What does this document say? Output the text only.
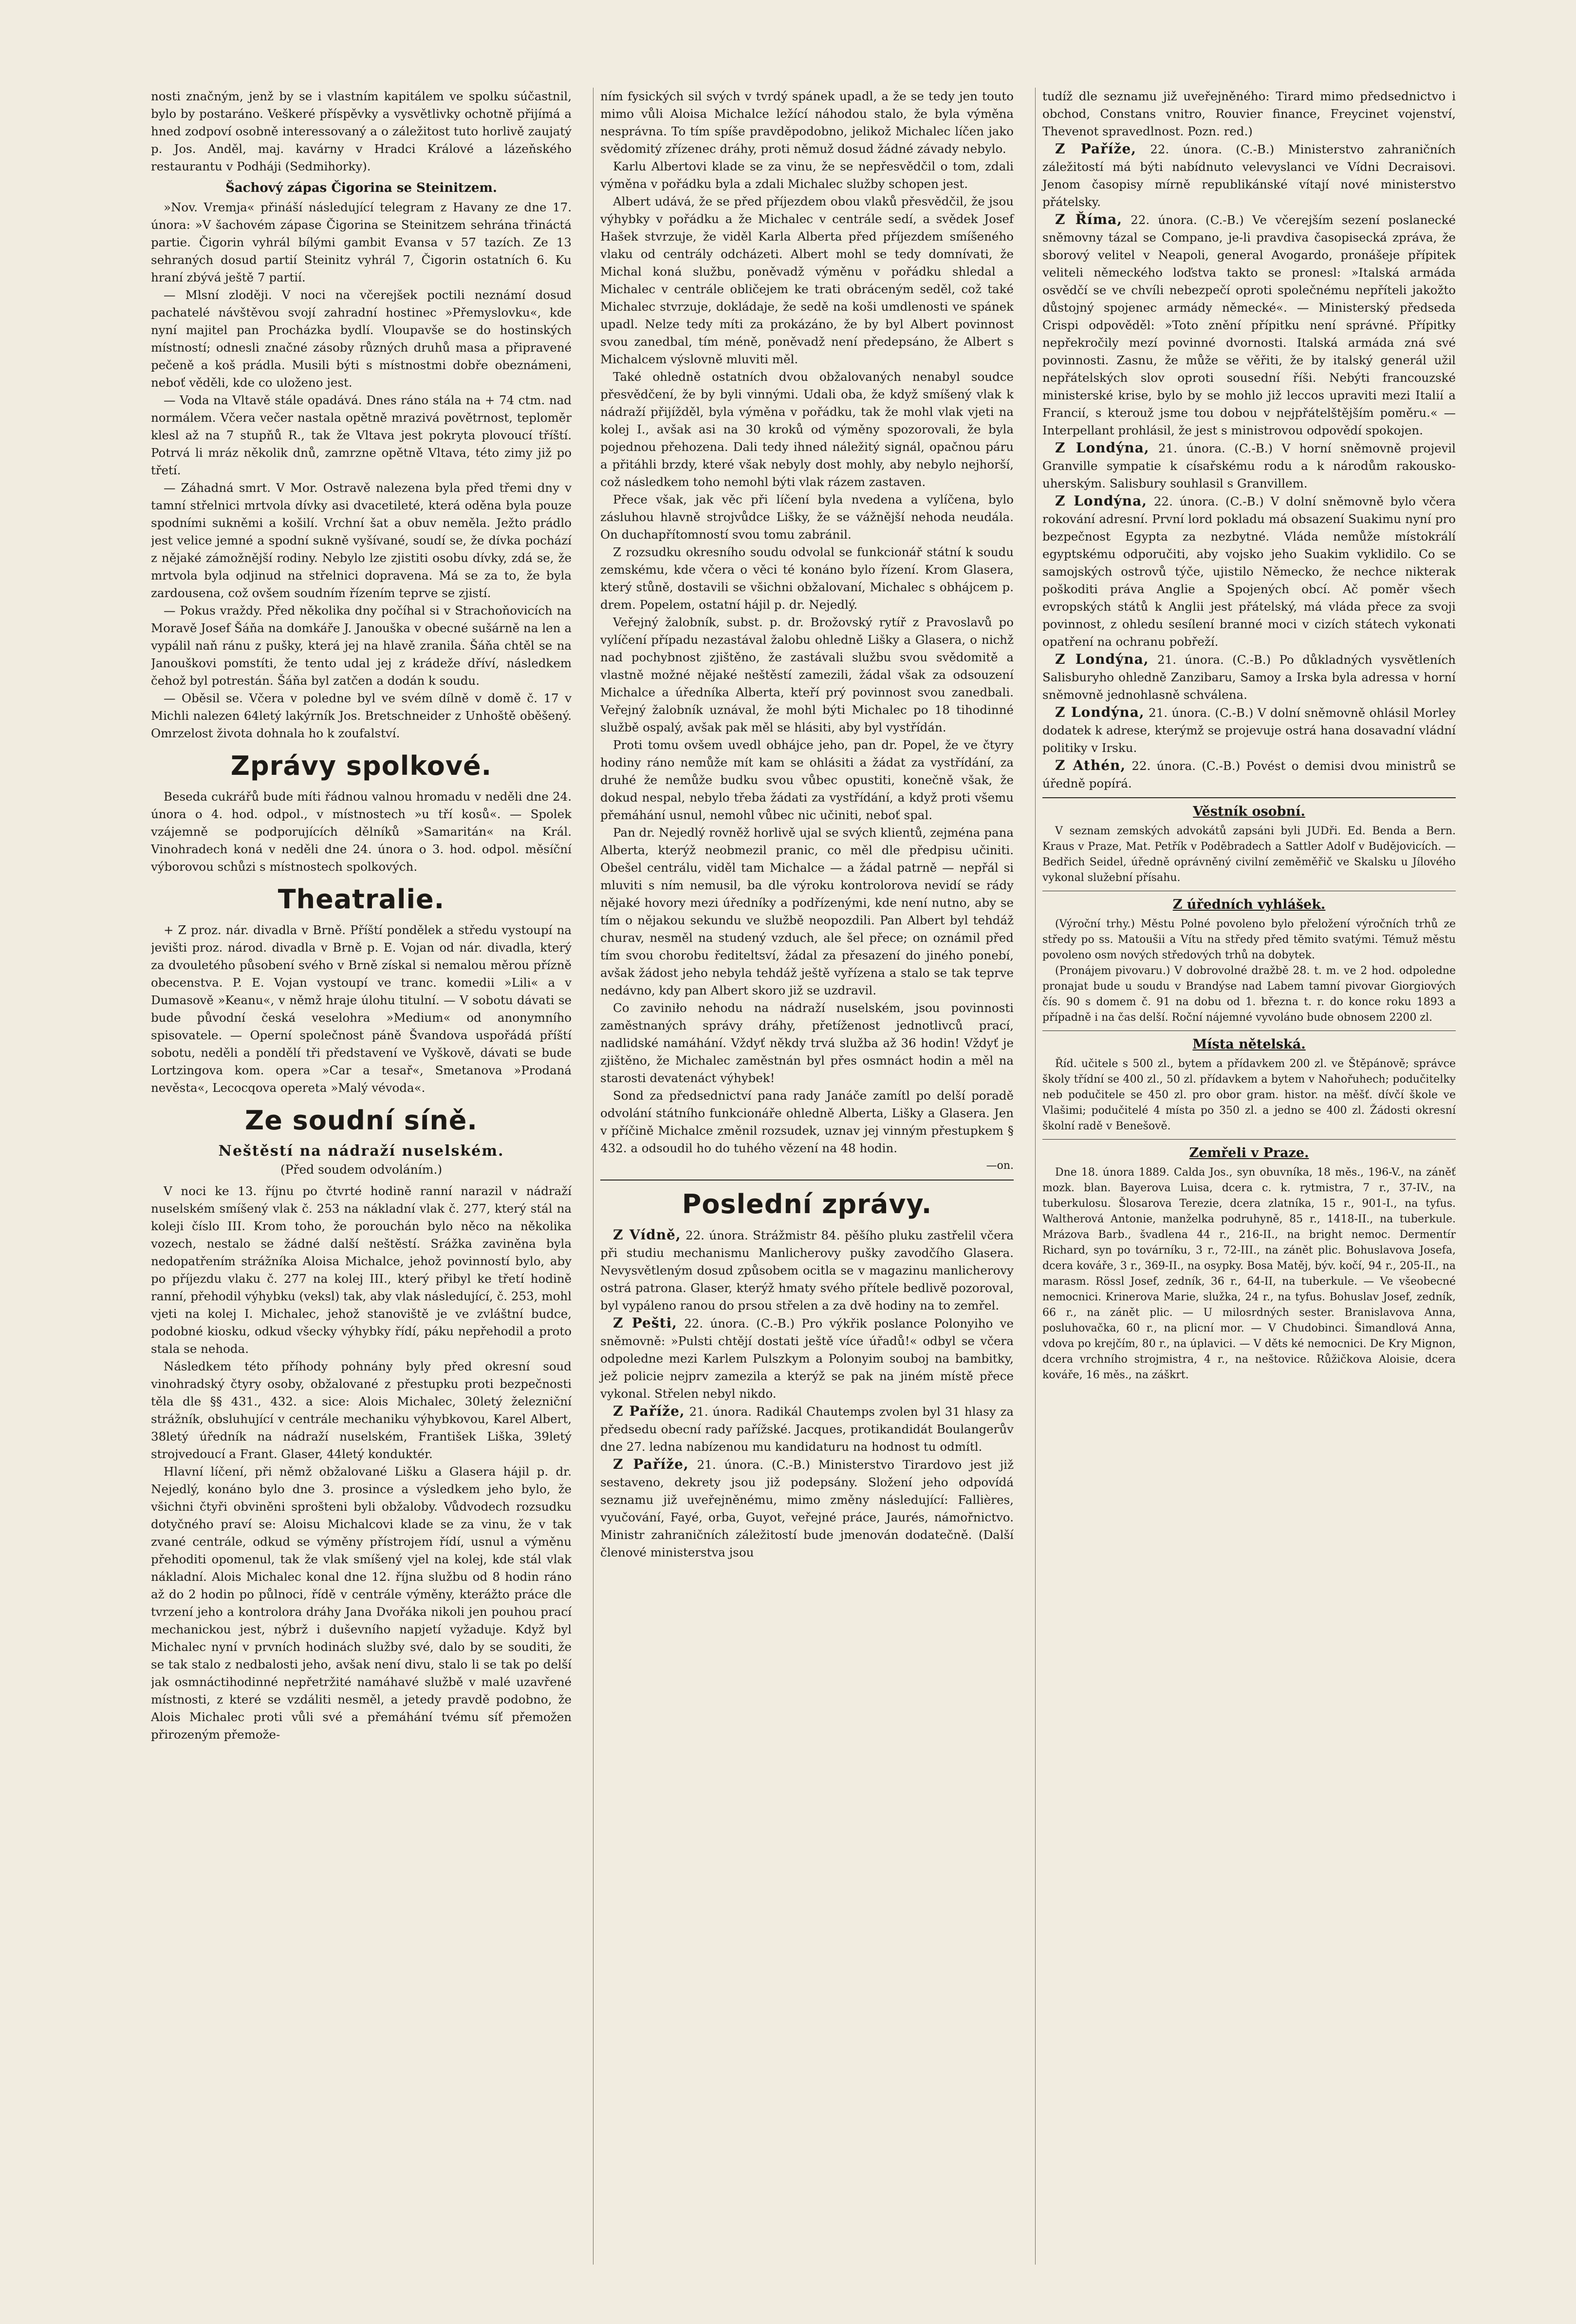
nosti značným, jenž by se i vlastním kapitálem ve spolku súčastnil, bylo by postaráno. Veškeré příspěvky a vysvětlivky ochotně přijímá a hned zodpoví osobně interessovaný a o záležitost tuto horlivě zaujatý p. Jos. Anděl, maj. kavárny v Hradci Králové a lázeňského restaurantu v Podháji (Sedmihorky).

Šachový zápas Čigorina se Steinitzem.

»Nov. Vremja« přináší následující telegram z Havany ze dne 17. února: »V šachovém zápase Čigorina se Steinitzem sehrána třináctá partie. Čigorin vyhrál bílými gambit Evansa v 57 tazích. Ze 13 sehraných dosud partií Steinitz vyhrál 7, Čigorin ostatních 6. Ku hraní zbývá ještě 7 partií.

— Mlsní zloději. V noci na včerejšek poctili neznámí dosud pachatelé návštěvou svojí zahradní hostinec »Přemyslovku«, kde nyní majitel pan Procházka bydlí. Vloupavše se do hostinských místností; odnesli značné zásoby různých druhů masa a připravené pečeně a koš prádla. Musili býti s místnostmi dobře obeznámeni, neboť věděli, kde co uloženo jest.

— Voda na Vltavě stále opadává. Dnes ráno stála na + 74 ctm. nad normálem. Včera večer nastala opětně mrazivá povětrnost, teploměr klesl až na 7 stupňů R., tak že Vltava jest pokryta plovoucí tříští. Potrvá li mráz několik dnů, zamrzne opětně Vltava, této zimy již po třetí.

— Záhadná smrt. V Mor. Ostravě nalezena byla před třemi dny v tamní střelnici mrtvola dívky asi dvacetileté, která oděna byla pouze spodními sukněmi a košilí. Vrchní šat a obuv neměla. Ježto prádlo jest velice jemné a spodní sukně vyšívané, soudí se, že dívka pochází z nějaké zámožnější rodiny. Nebylo lze zjistiti osobu dívky, zdá se, že mrtvola byla odjinud na střelnici dopravena. Má se za to, že byla zardousena, což ovšem soudním řízením teprve se zjistí.

— Pokus vraždy. Před několika dny počíhal si v Strachoňovicích na Moravě Josef Šáňa na domkáře J. Janouška v obecné sušárně na len a vypálil naň ránu z pušky, která jej na hlavě zranila. Šáňa chtěl se na Janouškovi pomstíti, že tento udal jej z krádeže dříví, následkem čehož byl potrestán. Šáňa byl zatčen a dodán k soudu.

— Oběsil se. Včera v poledne byl ve svém dílně v domě č. 17 v Michli nalezen 64letý lakýrník Jos. Bretschneider z Unhoště oběšený. Omrzelost života dohnala ho k zoufalství.

Zprávy spolkové.

Beseda cukrářů bude míti řádnou valnou hromadu v neděli dne 24. února o 4. hod. odpol., v místnostech »u tří kosů«. — Spolek vzájemně se podporujících dělníků »Samaritán« na Král. Vinohradech koná v neděli dne 24. února o 3. hod. odpol. měsíční výborovou schůzi s místnostech spolkových.

Theatralie.

+ Z proz. nár. divadla v Brně. Příští pondělek a středu vystoupí na jevišti proz. národ. divadla v Brně p. E. Vojan od nár. divadla, který za dvouletého působení svého v Brně získal si nemalou měrou přízně obecenstva. P. E. Vojan vystoupí ve tranc. komedii »Lili« a v Dumasově »Keanu«, v němž hraje úlohu titulní. — V sobotu dávati se bude původní česká veselohra »Medium« od anonymního spisovatele. — Operní společnost páně Švandova uspořádá příští sobotu, neděli a pondělí tři představení ve Vyškově, dávati se bude Lortzingova kom. opera »Car a tesař«, Smetanova »Prodaná nevěsta«, Lecocqova opereta »Malý vévoda«.

Ze soudní síně.
Neštěstí na nádraží nuselském.
(Před soudem odvoláním.)

V noci ke 13. říjnu po čtvrté hodině ranní narazil v nádraží nuselském smíšený vlak č. 253 na nákladní vlak č. 277, který stál na koleji číslo III. Krom toho, že porouchán bylo něco na několika vozech, nestalo se žádné další neštěstí. Srážka zaviněna byla nedopatřením strážníka Aloisa Michalce, jehož povinností bylo, aby po příjezdu vlaku č. 277 na kolej III., který přibyl ke třetí hodině ranní, přehodil výhybku (veksl) tak, aby vlak následující, č. 253, mohl vjeti na kolej I. Michalec, jehož stanoviště je ve zvláštní budce, podobné kiosku, odkud všecky výhybky řídí, páku nepřehodil a proto stala se nehoda.

Následkem této příhody pohnány byly před okresní soud vinohradský čtyry osoby, obžalované z přestupku proti bezpečnosti těla dle §§ 431., 432. a sice: Alois Michalec, 30letý železniční strážník, obsluhující v centrále mechaniku výhybkovou, Karel Albert, 38letý úředník na nádraží nuselském, František Liška, 39letý strojvedoucí a Frant. Glaser, 44letý konduktér.

Hlavní líčení, při němž obžalované Lišku a Glasera hájil p. dr. Nejedlý, konáno bylo dne 3. prosince a výsledkem jeho bylo, že všichni čtyři obviněni sprošteni byli obžaloby. Vůdvodech rozsudku dotyčného praví se: Aloisu Michalcovi klade se za vinu, že v tak zvané centrále, odkud se výměny přístrojem řídí, usnul a výměnu přehoditi opomenul, tak že vlak smíšený vjel na kolej, kde stál vlak nákladní. Alois Michalec konal dne 12. října službu od 8 hodin ráno až do 2 hodin po půlnoci, řídě v centrále výměny, kterážto práce dle tvrzení jeho a kontrolora dráhy Jana Dvořáka nikoli jen pouhou prací mechanickou jest, nýbrž i duševního napjetí vyžaduje. Když byl Michalec nyní v prvních hodinách služby své, dalo by se souditi, že se tak stalo z nedbalosti jeho, avšak není divu, stalo li se tak po delší jak osmnáctihodinné nepřetržité namáhavé službě v malé uzavřené místnosti, z které se vzdáliti nesměl, a jetedy pravdě podobno, že Alois Michalec proti vůli své a přemáhání tvému síť přemožen přirozeným přemože-

ním fysických sil svých v tvrdý spánek upadl, a že se tedy jen touto mimo vůli Aloisa Michalce ležící náhodou stalo, že byla výměna nesprávna. To tím spíše pravděpodobno, jelikož Michalec líčen jako svědomitý zřízenec dráhy, proti němuž dosud žádné závady nebylo.

Karlu Albertovi klade se za vinu, že se nepřesvědčil o tom, zdali výměna v pořádku byla a zdali Michalec služby schopen jest.

Albert udává, že se před příjezdem obou vlaků přesvědčil, že jsou výhybky v pořádku a že Michalec v centrále sedí, a svědek Josef Hašek stvrzuje, že viděl Karla Alberta před příjezdem smíšeného vlaku od centrály odcházeti. Albert mohl se tedy domnívati, že Michal koná službu, poněvadž výměnu v pořádku shledal a Michalec v centrále obličejem ke trati obráceným seděl, což také Michalec stvrzuje, dokládaje, že sedě na koši umdlenosti ve spánek upadl. Nelze tedy míti za prokázáno, že by byl Albert povinnost svou zanedbal, tím méně, poněvadž není předepsáno, že Albert s Michalcem výslovně mluviti měl.

Také ohledně ostatních dvou obžalovaných nenabyl soudce přesvědčení, že by byli vinnými. Udali oba, že když smíšený vlak k nádraží přijížděl, byla výměna v pořádku, tak že mohl vlak vjeti na kolej I., avšak asi na 30 kroků od výměny spozorovali, že byla pojednou přehozena. Dali tedy ihned náležitý signál, opačnou páru a přitáhli brzdy, které však nebyly dost mohly, aby nebylo nejhorší, což následkem toho nemohl býti vlak rázem zastaven.

Přece však, jak věc při líčení byla nvedena a vylíčena, bylo zásluhou hlavně strojvůdce Lišky, že se vážnější nehoda neudála. On duchapřítomností svou tomu zabránil.

Z rozsudku okresního soudu odvolal se funkcionář státní k soudu zemskému, kde včera o věci té konáno bylo řízení. Krom Glasera, který stůně, dostavili se všichni obžalovaní, Michalec s obhájcem p. drem. Popelem, ostatní hájil p. dr. Nejedlý.

Veřejný žalobník, subst. p. dr. Brožovský rytíř z Pravoslavů po vylíčení případu nezastával žalobu ohledně Lišky a Glasera, o nichž nad pochybnost zjištěno, že zastávali službu svou svědomitě a vlastně možné nějaké neštěstí zamezili, žádal však za odsouzení Michalce a úředníka Alberta, kteří prý povinnost svou zanedbali. Veřejný žalobník uznával, že mohl býti Michalec po 18 tihodinné službě ospalý, avšak pak měl se hlásiti, aby byl vystřídán.

Proti tomu ovšem uvedl obhájce jeho, pan dr. Popel, že ve čtyry hodiny ráno nemůže mít kam se ohlásiti a žádat za vystřídání, za druhé že nemůže budku svou vůbec opustiti, konečně však, že dokud nespal, nebylo třeba žádati za vystřídání, a když proti všemu přemáhání usnul, nemohl vůbec nic učiniti, neboť spal.

Pan dr. Nejedlý rovněž horlivě ujal se svých klientů, zejména pana Alberta, kterýž neobmezil pranic, co měl dle předpisu učiniti. Obešel centrálu, viděl tam Michalce — a žádal patrně — nepřál si mluviti s ním nemusil, ba dle výroku kontrolorova nevidí se rády nějaké hovory mezi úředníky a podřízenými, kde není nutno, aby se tím o nějakou sekundu ve službě neopozdili. Pan Albert byl tehdáž churav, nesměl na studený vzduch, ale šel přece; on oznámil před tím svou chorobu řediteltsví, žádal za přesazení do jiného ponebí, avšak žádost jeho nebyla tehdáž ještě vyřízena a stalo se tak teprve nedávno, kdy pan Albert skoro již se uzdravil.

Co zaviniło nehodu na nádraží nuselském, jsou povinnosti zaměstnaných správy dráhy, přetíženost jednotlivců prací, nadlidské namáhání. Vždyť někdy trvá služba až 36 hodin! Vždyť je zjištěno, že Michalec zaměstnán byl přes osmnáct hodin a měl na starosti devatenáct výhybek!

Sond za předsednictví pana rady Janáče zamítl po delší poradě odvolání státního funkcionáře ohledně Alberta, Lišky a Glasera. Jen v příčině Michalce změnil rozsudek, uznav jej vinným přestupkem § 432. a odsoudil ho do tuhého vězení na 48 hodin.

—on.
Poslední zprávy.

Z Vídně, 22. února. Strážmistr 84. pěšího pluku zastřelil včera při studiu mechanismu Manlicherovy pušky zavodčího Glasera. Nevysvětleným dosud způsobem ocitla se v magazinu manlicherovy ostrá patrona. Glaser, kterýž hmaty svého přítele bedlivě pozoroval, byl vypáleno ranou do prsou střelen a za dvě hodiny na to zemřel.

Z Pešti, 22. února. (C.-B.) Pro výkřik poslance Polonyiho ve sněmovně: »Pulsti chtějí dostati ještě více úřadů!« odbyl se včera odpoledne mezi Karlem Pulszkym a Polonyim souboj na bambitky, jež policie nejprv zamezila a kterýž se pak na jiném místě přece vykonal. Střelen nebyl nikdo.

Z Paříže, 21. února. Radikál Chautemps zvolen byl 31 hlasy za předsedu obecní rady pařížské. Jacques, protikandidát Boulangerův dne 27. ledna nabízenou mu kandidaturu na hodnost tu odmítl.

Z Paříže, 21. února. (C.-B.) Ministerstvo Tirardovo jest již sestaveno, dekrety jsou již podepsány. Složení jeho odpovídá seznamu již uveřejněnému, mimo změny následující: Fallières, vyučování, Fayé, orba, Guyot, veřejné práce, Jaurés, námořnictvo. Ministr zahraničních záležitostí bude jmenován dodatečně. (Další členové ministerstva jsou

tudíž dle seznamu již uveřejněného: Tirard mimo předsednictvo i obchod, Constans vnitro, Rouvier finance, Freycinet vojenství, Thevenot spravedlnost. Pozn. red.)

Z Paříže, 22. února. (C.-B.) Ministerstvo zahraničních záležitostí má býti nabídnuto velevyslanci ve Vídni Decraisovi. Jenom časopisy mírně republikánské vítají nové ministerstvo přátelsky.

Z Říma, 22. února. (C.-B.) Ve včerejším sezení poslanecké sněmovny tázal se Compano, je-li pravdiva časopisecká zpráva, že sborový velitel v Neapoli, general Avogardo, pronášeje přípitek veliteli německého loďstva takto se pronesl: »Italská armáda osvědčí se ve chvíli nebezpečí oproti společnému nepříteli jakožto důstojný spojenec armády německé«. — Ministerský předseda Crispi odpověděl: »Toto znění přípitku není správné. Přípitky nepřekročily mezí povinné dvornosti. Italská armáda zná své povinnosti. Zasnu, že může se věřiti, že by italský generál užil nepřátelských slov oproti sousední říši. Nebýti francouzské ministerské krise, bylo by se mohlo již leccos upraviti mezi Italií a Francií, s kterouž jsme tou dobou v nejpřátelštějším poměru.« — Interpellant prohlásil, že jest s ministrovou odpovědí spokojen.

Z Londýna, 21. února. (C.-B.) V horní sněmovně projevil Granville sympatie k císařskému rodu a k národům rakousko-uherským. Salisbury souhlasil s Granvillem.

Z Londýna, 22. února. (C.-B.) V dolní sněmovně bylo včera rokování adresní. První lord pokladu má obsazení Suakimu nyní pro bezpečnost Egypta za nezbytné. Vláda nemůže místokrálí egyptskému odporučiti, aby vojsko jeho Suakim vyklidilo. Co se samojských ostrovů týče, ujistilo Německo, že nechce nikterak poškoditi práva Anglie a Spojených obcí. Ač poměr všech evropských států k Anglii jest přátelský, má vláda přece za svoji povinnost, z ohledu sesílení branné moci v cizích státech vykonati opatření na ochranu pobřeží.

Z Londýna, 21. února. (C.-B.) Po důkladných vysvětleních Salisburyho ohledně Zanzibaru, Samoy a Irska byla adressa v horní sněmovně jednohlasně schválena.

Z Londýna, 21. února. (C.-B.) V dolní sněmovně ohlásil Morley dodatek k adrese, kterýmž se projevuje ostrá hana dosavadní vládní politiky v Irsku.

Z Athén, 22. února. (C.-B.) Povést o demisi dvou ministrů se úředně popírá.

Věstník osobní.

V seznam zemských advokátů zapsáni byli JUDři. Ed. Benda a Bern. Kraus v Praze, Mat. Petřík v Poděbradech a Sattler Adolf v Budějovicích. — Bedřich Seidel, úředně oprávněný civilní zeměměřič ve Skalsku u Jílového vykonal služební přísahu.

Z úředních vyhlášek.

(Výroční trhy.) Městu Polné povoleno bylo přeložení výročních trhů ze středy po ss. Matoušii a Vítu na středy před těmito svatými. Témuž městu povoleno osm nových středových trhů na dobytek.

(Pronájem pivovaru.) V dobrovolné dražbě 28. t. m. ve 2 hod. odpoledne pronajat bude u soudu v Brandýse nad Labem tamní pivovar Giorgiových čís. 90 s domem č. 91 na dobu od 1. března t. r. do konce roku 1893 a případně i na čas delší. Roční nájemné vyvoláno bude obnosem 2200 zl.

Místa nětelská.

Říd. učitele s 500 zl., bytem a přídavkem 200 zl. ve Štěpánově; správce školy třídní se 400 zl., 50 zl. přídavkem a bytem v Nahořuhech; podučitelky neb podučitele se 450 zl. pro obor gram. histor. na měšť. dívčí škole ve Vlašimi; podučitelé 4 místa po 350 zl. a jedno se 400 zl. Žádosti okresní školní radě v Benešově.

Zemřeli v Praze.

Dne 18. února 1889. Calda Jos., syn obuvníka, 18 měs., 196-V., na záněť mozk. blan. Bayerova Luisa, dcera c. k. rytmistra, 7 r., 37-IV., na tuberkulosu. Šlosarova Terezie, dcera zlatníka, 15 r., 901-I., na tyfus. Waltherová Antonie, manželka podruhyně, 85 r., 1418-II., na tuberkule. Mrázova Barb., švadlena 44 r., 216-II., na bright nemoc. Dermentír Richard, syn po továrníku, 3 r., 72-III., na zánět plic. Bohuslavova Josefa, dcera kováře, 3 r., 369-II., na osypky. Bosa Matěj, býv. kočí, 94 r., 205-II., na marasm. Rössl Josef, zedník, 36 r., 64-II, na tuberkule. — Ve všeobecné nemocnici. Krinerova Marie, služka, 24 r., na tyfus. Bohuslav Josef, zedník, 66 r., na zánět plic. — U milosrdných sester. Branislavova Anna, posluhovačka, 60 r., na plicní mor. — V Chudobinci. Šimandlová Anna, vdova po krejčím, 80 r., na úplavici. — V děts ké nemocnici. De Kry Mignon, dcera vrchního strojmistra, 4 r., na neštovice. Růžičkova Aloisie, dcera kováře, 16 měs., na záškrt.
